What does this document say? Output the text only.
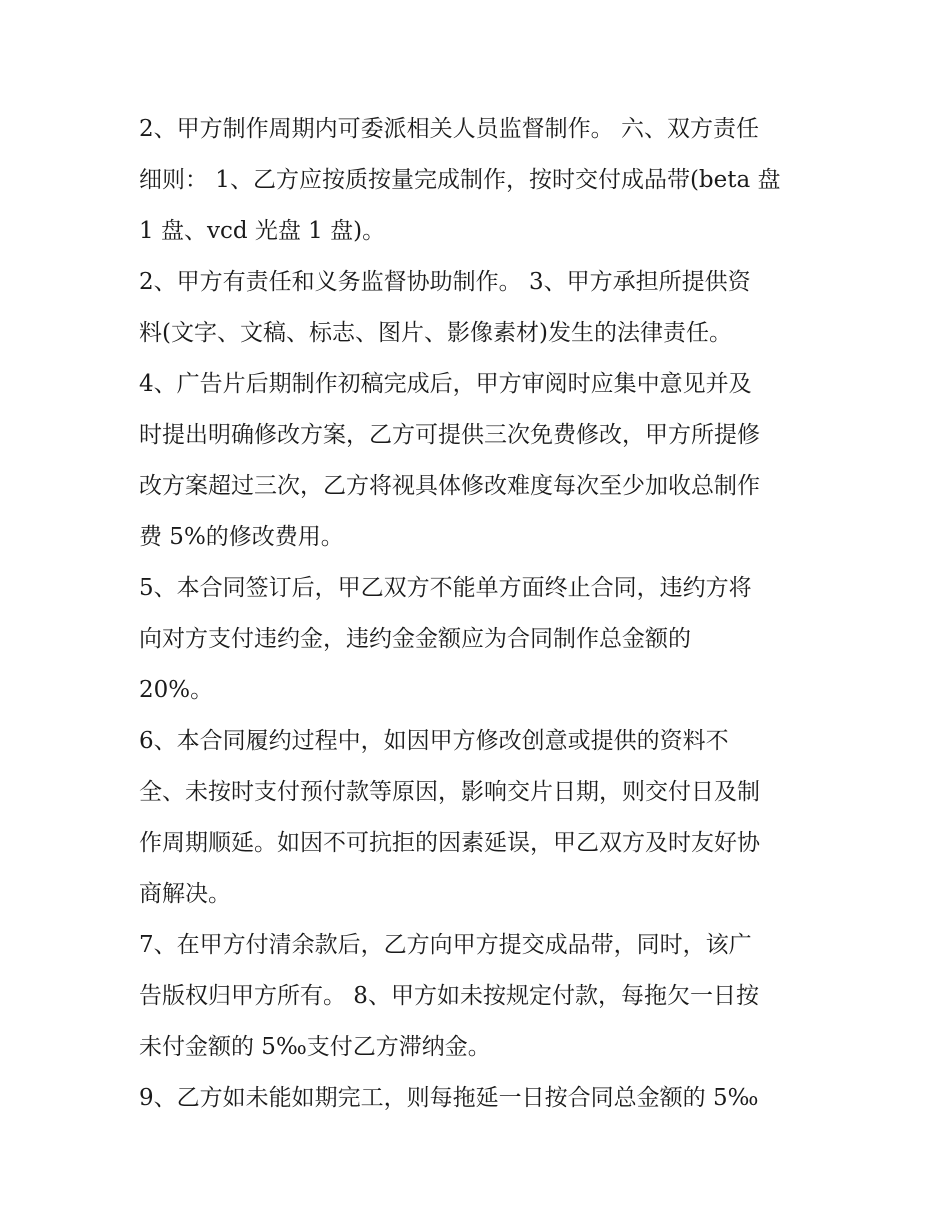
2、甲方制作周期内可委派相关人员监督制作。 六、双方责任
细则： 1、乙方应按质按量完成制作，按时交付成品带(beta 盘
1 盘、vcd 光盘 1 盘)。
2、甲方有责任和义务监督协助制作。 3、甲方承担所提供资
料(文字、文稿、标志、图片、影像素材)发生的法律责任。
4、广告片后期制作初稿完成后，甲方审阅时应集中意见并及
时提出明确修改方案，乙方可提供三次免费修改，甲方所提修
改方案超过三次，乙方将视具体修改难度每次至少加收总制作
费 5%的修改费用。
5、本合同签订后，甲乙双方不能单方面终止合同，违约方将
向对方支付违约金，违约金金额应为合同制作总金额的
20%。
6、本合同履约过程中，如因甲方修改创意或提供的资料不
全、未按时支付预付款等原因，影响交片日期，则交付日及制
作周期顺延。如因不可抗拒的因素延误，甲乙双方及时友好协
商解决。
7、在甲方付清余款后，乙方向甲方提交成品带，同时，该广
告版权归甲方所有。 8、甲方如未按规定付款，每拖欠一日按
未付金额的 5‰支付乙方滞纳金。
9、乙方如未能如期完工，则每拖延一日按合同总金额的 5‰
